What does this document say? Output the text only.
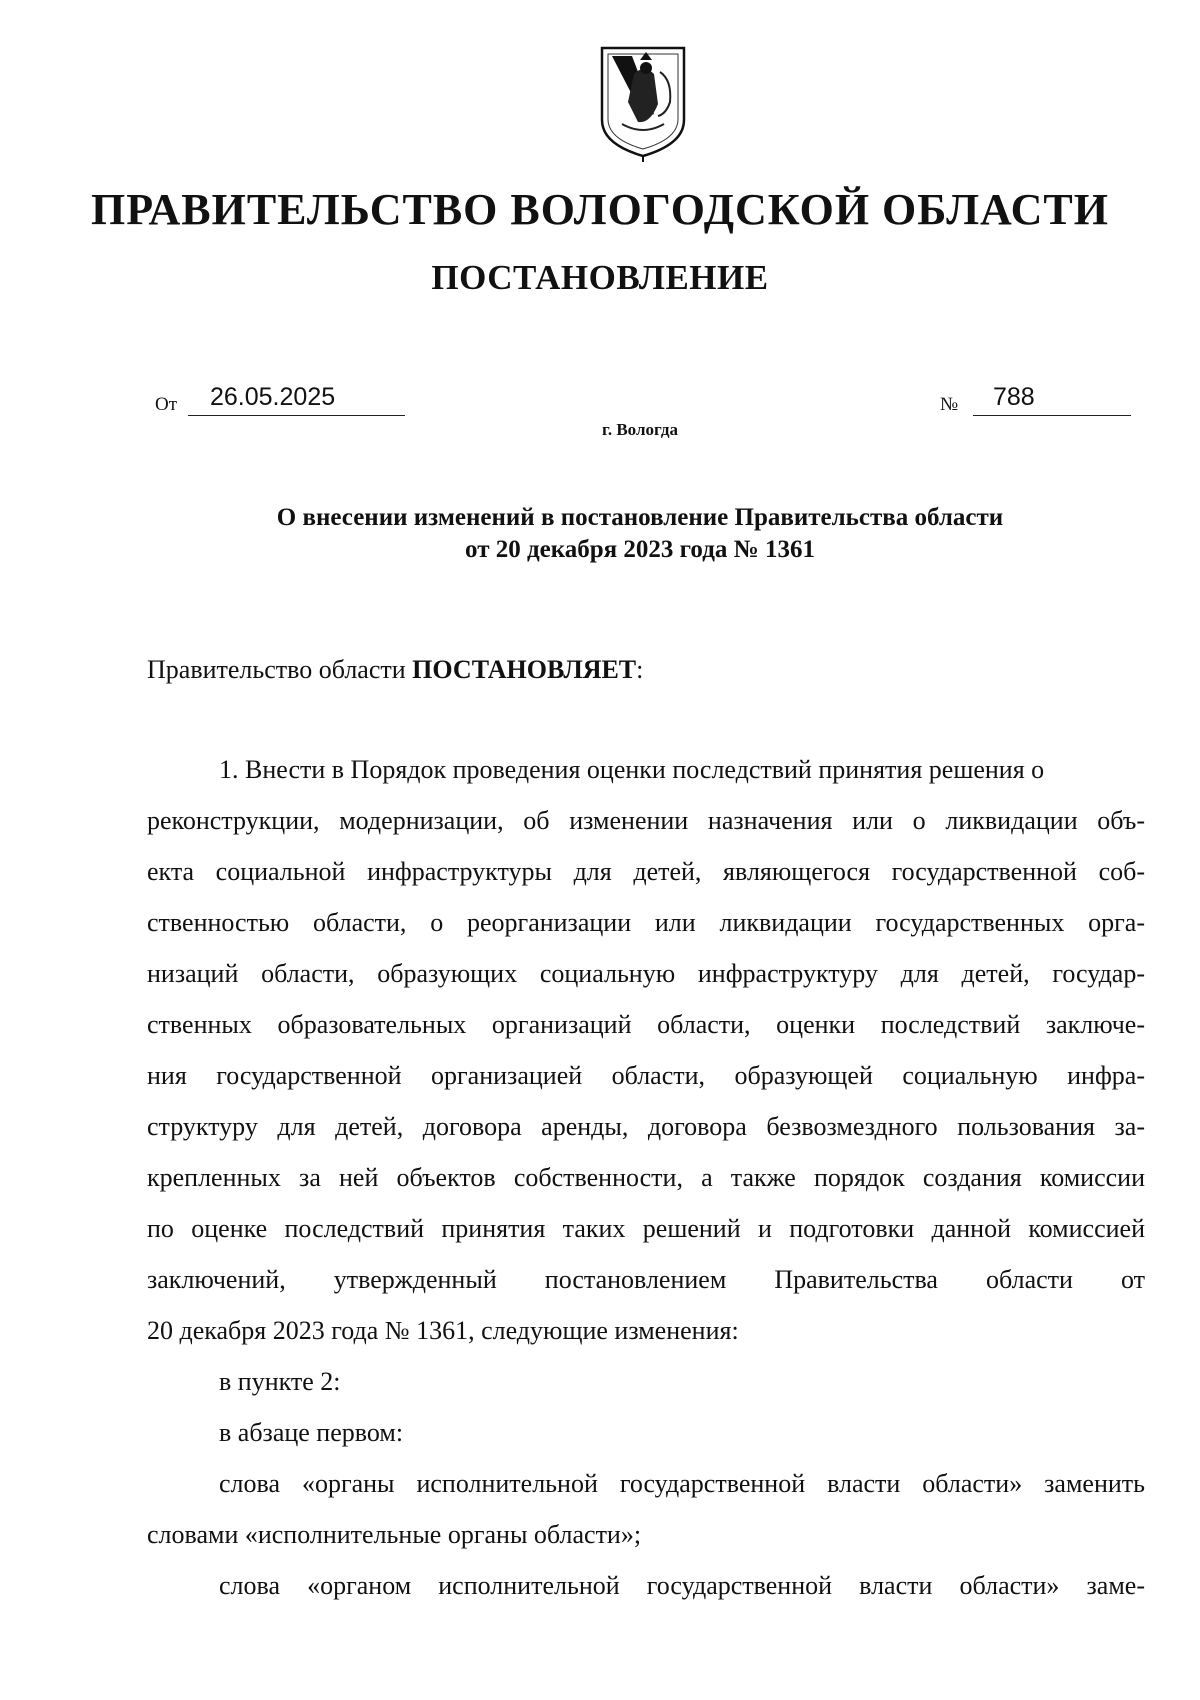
ПРАВИТЕЛЬСТВО ВОЛОГОДСКОЙ ОБЛАСТИ
ПОСТАНОВЛЕНИЕ
От 26.05.2025	№ 788
г. Вологда
О внесении изменений в постановление Правительства области
от 20 декабря 2023 года № 1361
Правительство области ПОСТАНОВЛЯЕТ:
1. Внести в Порядок проведения оценки последствий принятия решения о
реконструкции, модернизации, об изменении назначения или о ликвидации объ-
екта социальной инфраструктуры для детей, являющегося государственной соб-
ственностью области, о реорганизации или ликвидации государственных орга-
низаций области, образующих социальную инфраструктуру для детей, государ-
ственных образовательных организаций области, оценки последствий заключе-
ния государственной организацией области, образующей социальную инфра-
структуру для детей, договора аренды, договора безвозмездного пользования за-
крепленных за ней объектов собственности, а также порядок создания комиссии
по оценке последствий принятия таких решений и подготовки данной комиссией
заключений, утвержденный постановлением Правительства области от
20 декабря 2023 года № 1361, следующие изменения:
в пункте 2:
в абзаце первом:
слова «органы исполнительной государственной власти области» заменить
словами «исполнительные органы области»;
слова «органом исполнительной государственной власти области» заме-
